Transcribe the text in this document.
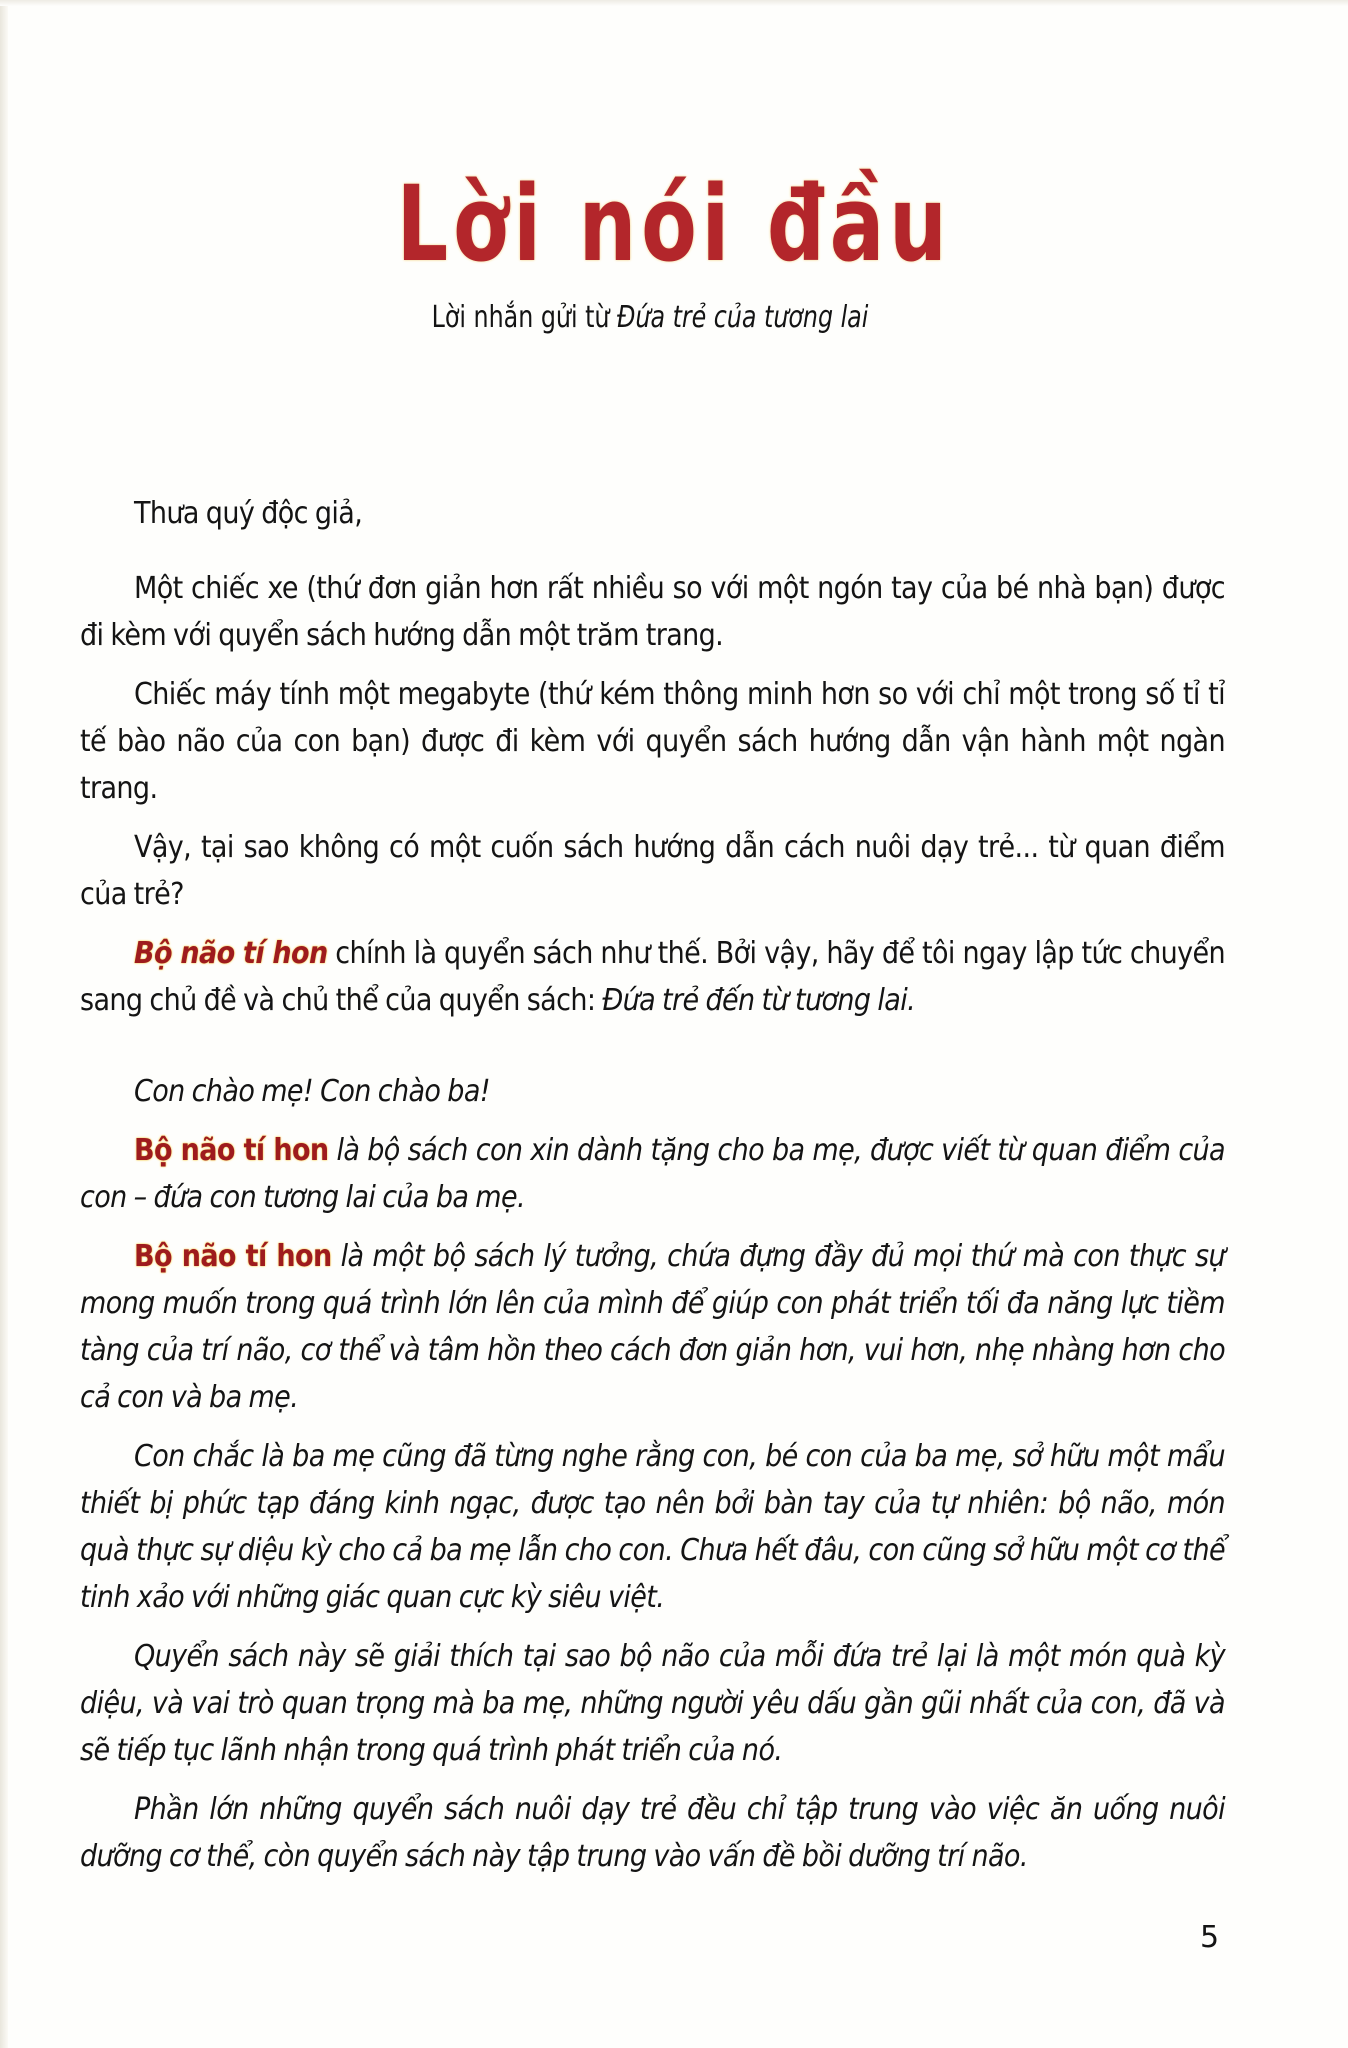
Lời nói đầu
Lời nhắn gửi từ Đứa trẻ của tương lai

Thưa quý độc giả,

Một chiếc xe (thứ đơn giản hơn rất nhiều so với một ngón tay của bé nhà bạn) được đi kèm với quyển sách hướng dẫn một trăm trang.

Chiếc máy tính một megabyte (thứ kém thông minh hơn so với chỉ một trong số tỉ tỉ tế bào não của con bạn) được đi kèm với quyển sách hướng dẫn vận hành một ngàn trang.

Vậy, tại sao không có một cuốn sách hướng dẫn cách nuôi dạy trẻ... từ quan điểm của trẻ?

Bộ não tí hon chính là quyển sách như thế. Bởi vậy, hãy để tôi ngay lập tức chuyển sang chủ đề và chủ thể của quyển sách: Đứa trẻ đến từ tương lai.

Con chào mẹ! Con chào ba!

Bộ não tí hon là bộ sách con xin dành tặng cho ba mẹ, được viết từ quan điểm của con – đứa con tương lai của ba mẹ.

Bộ não tí hon là một bộ sách lý tưởng, chứa đựng đầy đủ mọi thứ mà con thực sự mong muốn trong quá trình lớn lên của mình để giúp con phát triển tối đa năng lực tiềm tàng của trí não, cơ thể và tâm hồn theo cách đơn giản hơn, vui hơn, nhẹ nhàng hơn cho cả con và ba mẹ.

Con chắc là ba mẹ cũng đã từng nghe rằng con, bé con của ba mẹ, sở hữu một mẩu thiết bị phức tạp đáng kinh ngạc, được tạo nên bởi bàn tay của tự nhiên: bộ não, món quà thực sự diệu kỳ cho cả ba mẹ lẫn cho con. Chưa hết đâu, con cũng sở hữu một cơ thể tinh xảo với những giác quan cực kỳ siêu việt.

Quyển sách này sẽ giải thích tại sao bộ não của mỗi đứa trẻ lại là một món quà kỳ diệu, và vai trò quan trọng mà ba mẹ, những người yêu dấu gần gũi nhất của con, đã và sẽ tiếp tục lãnh nhận trong quá trình phát triển của nó.

Phần lớn những quyển sách nuôi dạy trẻ đều chỉ tập trung vào việc ăn uống nuôi dưỡng cơ thể, còn quyển sách này tập trung vào vấn đề bồi dưỡng trí não.

5
